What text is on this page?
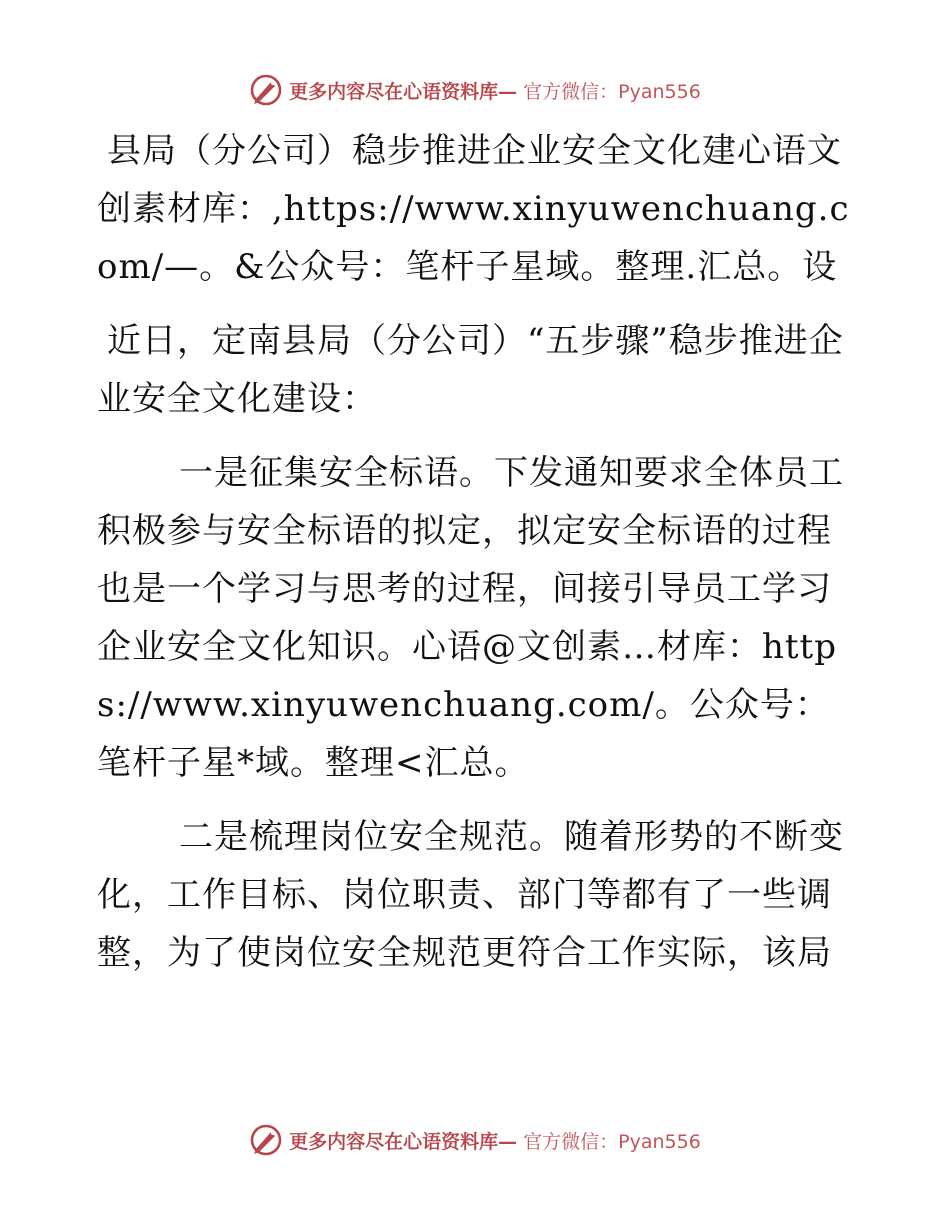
更多内容尽在心语资料库— 官方微信：Pyan556

县局（分公司）稳步推进企业安全文化建心语文创素材库：,https://www.xinyuwenchuang.com/—。&公众号：笔杆子星域。整理.汇总。设

近日，定南县局（分公司）“五步骤”稳步推进企业安全文化建设：

一是征集安全标语。下发通知要求全体员工积极参与安全标语的拟定，拟定安全标语的过程也是一个学习与思考的过程，间接引导员工学习企业安全文化知识。心语@文创素…材库：https://www.xinyuwenchuang.com/。公众号：笔杆子星*域。整理<汇总。

二是梳理岗位安全规范。随着形势的不断变化，工作目标、岗位职责、部门等都有了一些调整，为了使岗位安全规范更符合工作实际，该局

更多内容尽在心语资料库— 官方微信：Pyan556
